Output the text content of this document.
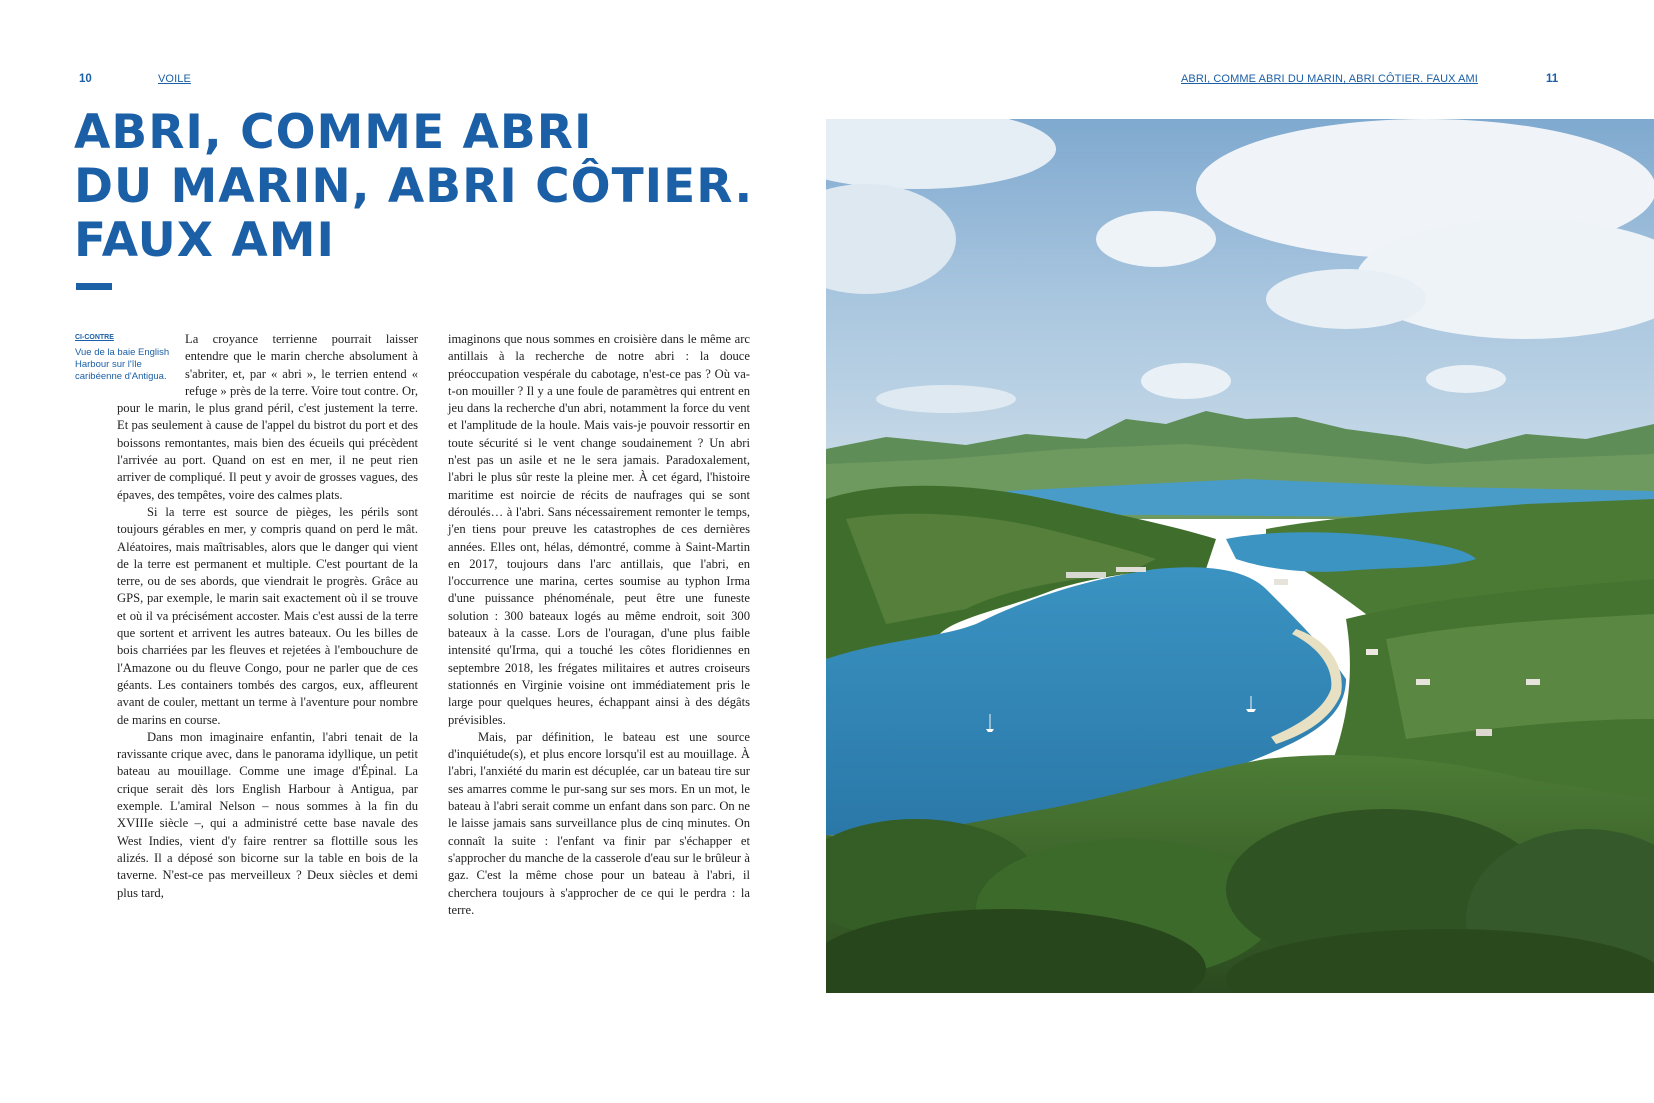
10	VOILE	ABRI, COMME ABRI DU MARIN, ABRI CÔTIER. FAUX AMI	11
ABRI, COMME ABRI
DU MARIN, ABRI CÔTIER.
FAUX AMI
CI-CONTRE
Vue de la baie English Harbour sur l'île caribéenne d'Antigua.

La croyance terrienne pourrait laisser entendre que le marin cherche absolument à s'abriter, et, par « abri », le terrien entend « refuge » près de la terre. Voire tout contre. Or, pour le marin, le plus grand péril, c'est justement la terre. Et pas seulement à cause de l'appel du bistrot du port et des boissons remontantes, mais bien des écueils qui précèdent l'arrivée au port. Quand on est en mer, il ne peut rien arriver de compliqué. Il peut y avoir de grosses vagues, des épaves, des tempêtes, voire des calmes plats.

Si la terre est source de pièges, les périls sont toujours gérables en mer, y compris quand on perd le mât. Aléatoires, mais maîtrisables, alors que le danger qui vient de la terre est permanent et multiple. C'est pourtant de la terre, ou de ses abords, que viendrait le progrès. Grâce au GPS, par exemple, le marin sait exactement où il se trouve et où il va précisément accoster. Mais c'est aussi de la terre que sortent et arrivent les autres bateaux. Ou les billes de bois charriées par les fleuves et rejetées à l'embouchure de l'Amazone ou du fleuve Congo, pour ne parler que de ces géants. Les containers tombés des cargos, eux, affleurent avant de couler, mettant un terme à l'aventure pour nombre de marins en course.

Dans mon imaginaire enfantin, l'abri tenait de la ravissante crique avec, dans le panorama idyllique, un petit bateau au mouillage. Comme une image d'Épinal. La crique serait dès lors English Harbour à Antigua, par exemple. L'amiral Nelson – nous sommes à la fin du XVIIIe siècle –, qui a administré cette base navale des West Indies, vient d'y faire rentrer sa flottille sous les alizés. Il a déposé son bicorne sur la table en bois de la taverne. N'est-ce pas merveilleux ? Deux siècles et demi plus tard,

imaginons que nous sommes en croisière dans le même arc antillais à la recherche de notre abri : la douce préoccupation vespérale du cabotage, n'est-ce pas ? Où va-t-on mouiller ? Il y a une foule de paramètres qui entrent en jeu dans la recherche d'un abri, notamment la force du vent et l'amplitude de la houle. Mais vais-je pouvoir ressortir en toute sécurité si le vent change soudainement ? Un abri n'est pas un asile et ne le sera jamais. Paradoxalement, l'abri le plus sûr reste la pleine mer. À cet égard, l'histoire maritime est noircie de récits de naufrages qui se sont déroulés… à l'abri. Sans nécessairement remonter le temps, j'en tiens pour preuve les catastrophes de ces dernières années. Elles ont, hélas, démontré, comme à Saint-Martin en 2017, toujours dans l'arc antillais, que l'abri, en l'occurrence une marina, certes soumise au typhon Irma d'une puissance phénoménale, peut être une funeste solution : 300 bateaux logés au même endroit, soit 300 bateaux à la casse. Lors de l'ouragan, d'une plus faible intensité qu'Irma, qui a touché les côtes floridiennes en septembre 2018, les frégates militaires et autres croiseurs stationnés en Virginie voisine ont immédiatement pris le large pour quelques heures, échappant ainsi à des dégâts prévisibles.

Mais, par définition, le bateau est une source d'inquiétude(s), et plus encore lorsqu'il est au mouillage. À l'abri, l'anxiété du marin est décuplée, car un bateau tire sur ses amarres comme le pur-sang sur ses mors. En un mot, le bateau à l'abri serait comme un enfant dans son parc. On ne le laisse jamais sans surveillance plus de cinq minutes. On connaît la suite : l'enfant va finir par s'échapper et s'approcher du manche de la casserole d'eau sur le brûleur à gaz. C'est la même chose pour un bateau à l'abri, il cherchera toujours à s'approcher de ce qui le perdra : la terre.
